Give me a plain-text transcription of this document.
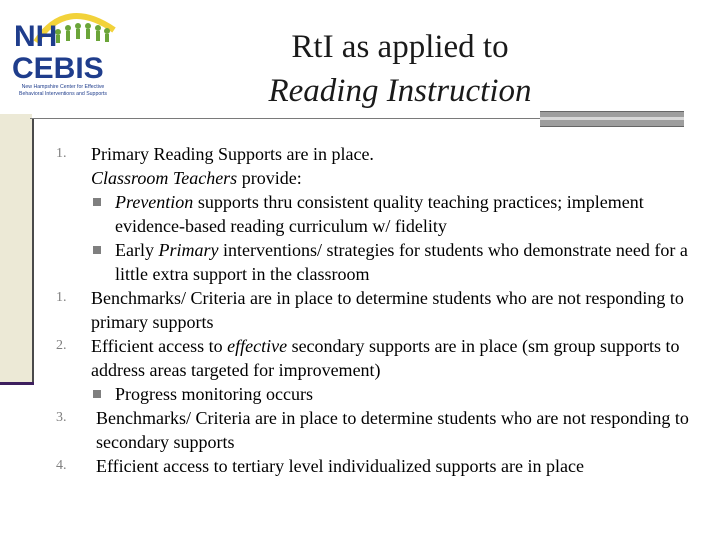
NH
CEBIS
New Hampshire Center for Effective
Behavioral Interventions and Supports
RtI as applied to
Reading Instruction
1.	Primary Reading Supports are in place.
Classroom Teachers provide:
Prevention supports thru consistent quality teaching practices; implement evidence-based reading curriculum w/ fidelity
Early Primary interventions/ strategies for students who demonstrate need for a little extra support in the classroom
1.	Benchmarks/ Criteria are in place to determine students who are not responding to primary supports
2.	Efficient access to effective secondary supports are in place (sm group supports to address areas targeted for improvement)
Progress monitoring occurs
3.	Benchmarks/ Criteria are in place to determine students who are not responding to secondary supports
4.	Efficient access to tertiary level individualized supports are in place
